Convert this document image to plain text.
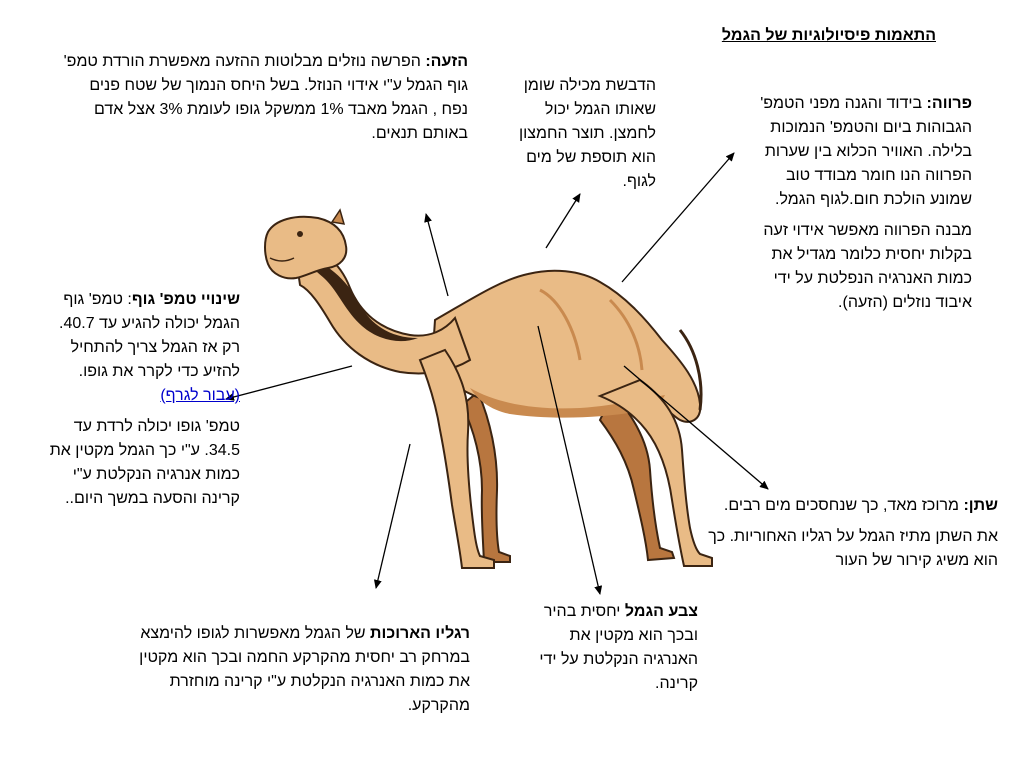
התאמות פיסיולוגיות של הגמל

הזעה: הפרשה נוזלים מבלוטות ההזעה מאפשרת הורדת טמפ' גוף הגמל ע"י אידוי הנוזל. בשל היחס הנמוך של שטח פנים נפח , הגמל מאבד 1% ממשקל גופו לעומת 3% אצל אדם באותם תנאים.

הדבשת מכילה שומן שאותו הגמל יכול לחמצן. תוצר החמצון הוא תוספת של מים לגוף.

פרווה: בידוד והגנה מפני הטמפ' הגבוהות ביום והטמפ' הנמוכות בלילה. האוויר הכלוא בין שערות הפרווה הנו חומר מבודד טוב שמונע הולכת חום.לגוף הגמל.

מבנה הפרווה מאפשר אידוי זעה בקלות יחסית כלומר מגדיל את כמות האנרגיה הנפלטת על ידי איבוד נוזלים (הזעה).

שינויי טמפ' גוף: טמפ' גוף הגמל יכולה להגיע עד 40.7. רק אז הגמל צריך להתחיל להזיע כדי לקרר את גופו. (עבור לגרף)

טמפ' גופו יכולה לרדת עד 34.5. ע"י כך הגמל מקטין את כמות אנרגיה הנקלטת ע"י קרינה והסעה במשך היום..	שתן: מרוכז מאד, כך שנחסכים מים רבים.

את השתן מתיז הגמל על רגליו האחוריות. כך הוא משיג קירור של העור

צבע הגמל יחסית בהיר ובכך הוא מקטין את האנרגיה הנקלטת על ידי קרינה.

רגליו הארוכות של הגמל מאפשרות לגופו להימצא במרחק רב יחסית מהקרקע החמה ובכך הוא מקטין את כמות האנרגיה הנקלטת ע"י קרינה מוחזרת מהקרקע.
